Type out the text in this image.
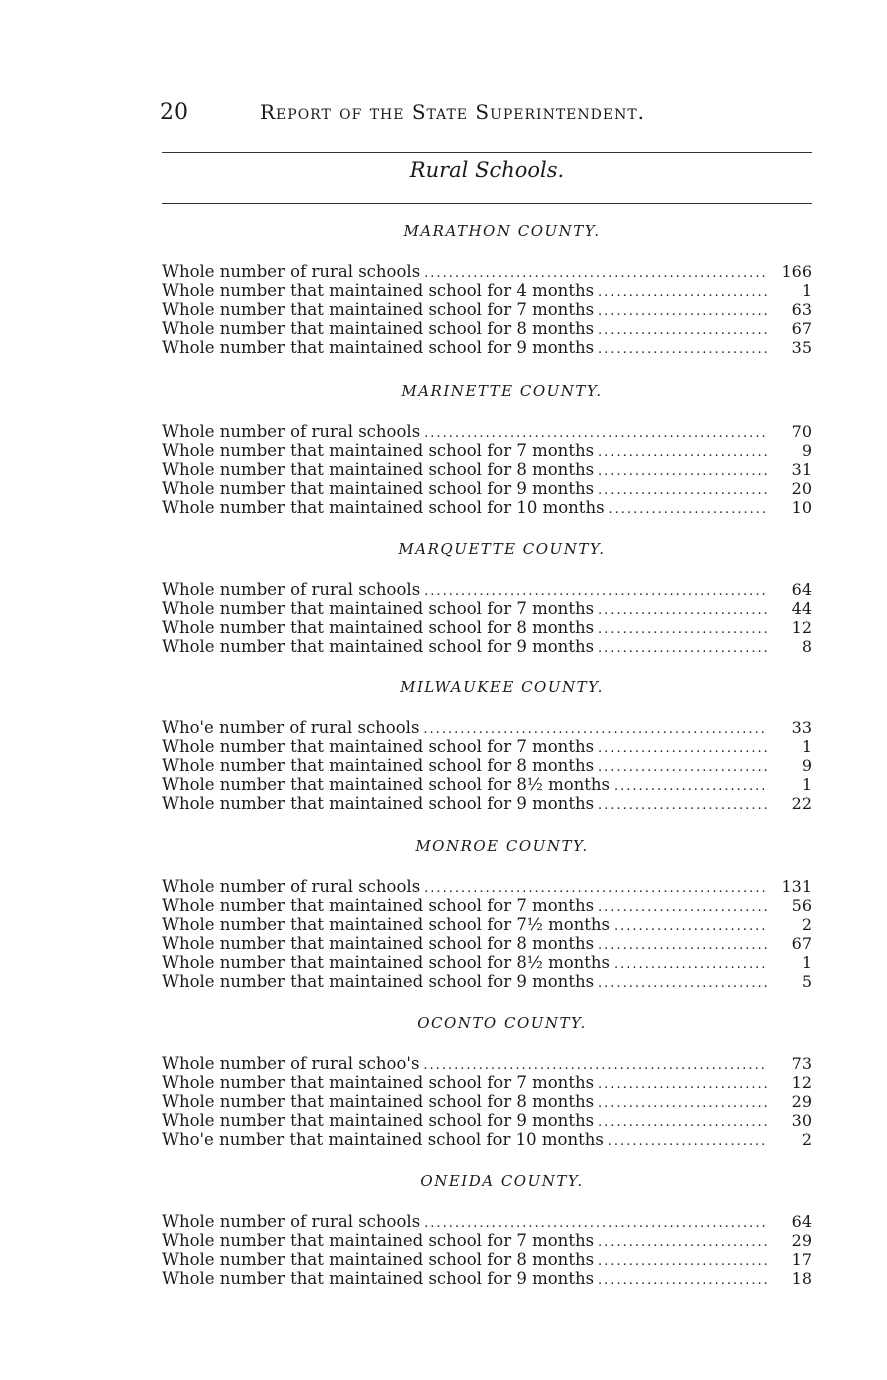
20	Report of the State Superintendent.
Rural Schools.
MARATHON COUNTY.
Whole number of rural schools .....	166
Whole number that maintained school for 4 months .....	1
Whole number that maintained school for 7 months .....	63
Whole number that maintained school for 8 months .....	67
Whole number that maintained school for 9 months .....	35
MARINETTE COUNTY.
Whole number of rural schools .....	70
Whole number that maintained school for 7 months .....	9
Whole number that maintained school for 8 months .....	31
Whole number that maintained school for 9 months .....	20
Whole number that maintained school for 10 months .....	10
MARQUETTE COUNTY.
Whole number of rural schools .....	64
Whole number that maintained school for 7 months .....	44
Whole number that maintained school for 8 months .....	12
Whole number that maintained school for 9 months .....	8
MILWAUKEE COUNTY.
Who'e number of rural schools .....	33
Whole number that maintained school for 7 months .....	1
Whole number that maintained school for 8 months .....	9
Whole number that maintained school for 8½ months .....	1
Whole number that maintained school for 9 months .....	22
MONROE COUNTY.
Whole number of rural schools .....	131
Whole number that maintained school for 7 months .....	56
Whole number that maintained school for 7½ months .....	2
Whole number that maintained school for 8 months .....	67
Whole number that maintained school for 8½ months .....	1
Whole number that maintained school for 9 months .....	5
OCONTO COUNTY.
Whole number of rural schoo's .....	73
Whole number that maintained school for 7 months .....	12
Whole number that maintained school for 8 months .....	29
Whole number that maintained school for 9 months .....	30
Who'e number that maintained school for 10 months .....	2
ONEIDA COUNTY.
Whole number of rural schools .....	64
Whole number that maintained school for 7 months .....	29
Whole number that maintained school for 8 months .....	17
Whole number that maintained school for 9 months .....	18
